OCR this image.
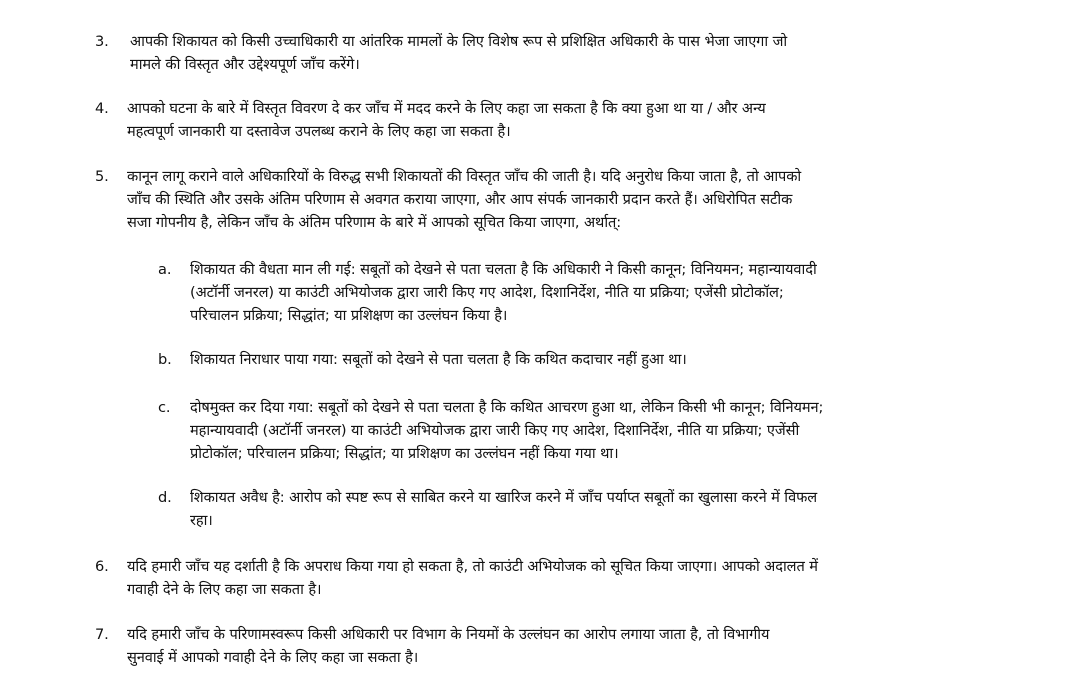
3.	आपकी शिकायत को किसी उच्चाधिकारी या आंतरिक मामलों के लिए विशेष रूप से प्रशिक्षित अधिकारी के पास भेजा जाएगा जो
मामले की विस्तृत और उद्देश्यपूर्ण जाँच करेंगे।
4.	आपको घटना के बारे में विस्तृत विवरण दे कर जाँच में मदद करने के लिए कहा जा सकता है कि क्या हुआ था या / और अन्य
महत्वपूर्ण जानकारी या दस्तावेज उपलब्ध कराने के लिए कहा जा सकता है।
5.	कानून लागू कराने वाले अधिकारियों के विरुद्ध सभी शिकायतों की विस्तृत जाँच की जाती है। यदि अनुरोध किया जाता है, तो आपको
जाँच की स्थिति और उसके अंतिम परिणाम से अवगत कराया जाएगा, और आप संपर्क जानकारी प्रदान करते हैं। अधिरोपित सटीक
सजा गोपनीय है, लेकिन जाँच के अंतिम परिणाम के बारे में आपको सूचित किया जाएगा, अर्थात्:
a.	शिकायत की वैधता मान ली गई: सबूतों को देखने से पता चलता है कि अधिकारी ने किसी कानून; विनियमन; महान्यायवादी
(अटॉर्नी जनरल) या काउंटी अभियोजक द्वारा जारी किए गए आदेश, दिशानिर्देश, नीति या प्रक्रिया; एजेंसी प्रोटोकॉल;
परिचालन प्रक्रिया; सिद्धांत; या प्रशिक्षण का उल्लंघन किया है।
b.	शिकायत निराधार पाया गया: सबूतों को देखने से पता चलता है कि कथित कदाचार नहीं हुआ था।
c.	दोषमुक्त कर दिया गया: सबूतों को देखने से पता चलता है कि कथित आचरण हुआ था, लेकिन किसी भी कानून; विनियमन;
महान्यायवादी (अटॉर्नी जनरल) या काउंटी अभियोजक द्वारा जारी किए गए आदेश, दिशानिर्देश, नीति या प्रक्रिया; एजेंसी
प्रोटोकॉल; परिचालन प्रक्रिया; सिद्धांत; या प्रशिक्षण का उल्लंघन नहीं किया गया था।
d.	शिकायत अवैध है: आरोप को स्पष्ट रूप से साबित करने या खारिज करने में जाँच पर्याप्त सबूतों का खुलासा करने में विफल
रहा।
6.	यदि हमारी जाँच यह दर्शाती है कि अपराध किया गया हो सकता है, तो काउंटी अभियोजक को सूचित किया जाएगा। आपको अदालत में
गवाही देने के लिए कहा जा सकता है।
7.	यदि हमारी जाँच के परिणामस्वरूप किसी अधिकारी पर विभाग के नियमों के उल्लंघन का आरोप लगाया जाता है, तो विभागीय
सुनवाई में आपको गवाही देने के लिए कहा जा सकता है।
